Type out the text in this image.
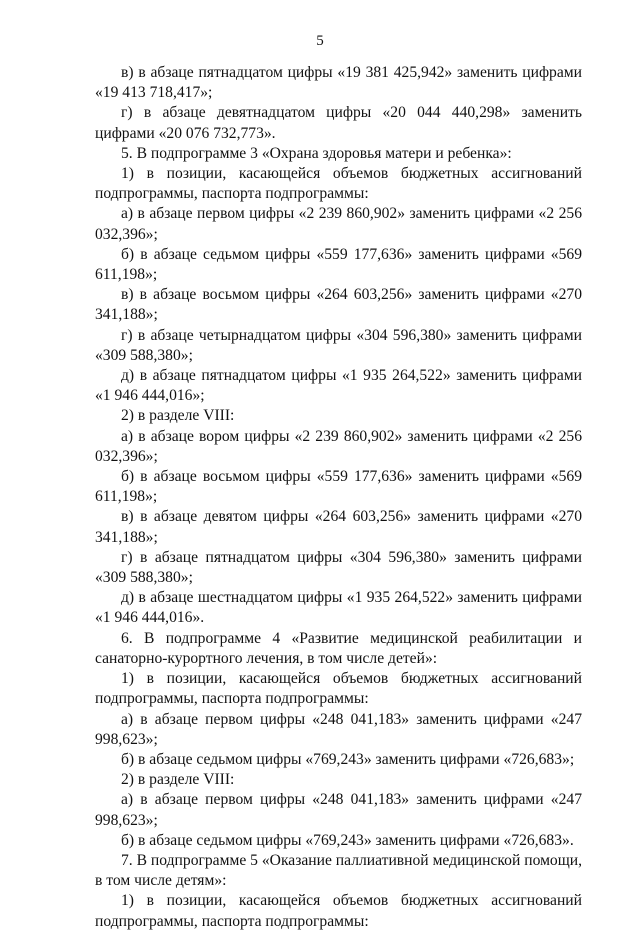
5

в) в абзаце пятнадцатом цифры «19 381 425,942» заменить цифрами «19 413 718,417»;

г) в абзаце девятнадцатом цифры «20 044 440,298» заменить цифрами «20 076 732,773».

5. В подпрограмме 3 «Охрана здоровья матери и ребенка»:

1) в позиции, касающейся объемов бюджетных ассигнований подпрограммы, паспорта подпрограммы:

а) в абзаце первом цифры «2 239 860,902» заменить цифрами «2 256 032,396»;

б) в абзаце седьмом цифры «559 177,636» заменить цифрами «569 611,198»;

в) в абзаце восьмом цифры «264 603,256» заменить цифрами «270 341,188»;

г) в абзаце четырнадцатом цифры «304 596,380» заменить цифрами «309 588,380»;

д) в абзаце пятнадцатом цифры «1 935 264,522» заменить цифрами «1 946 444,016»;

2) в разделе VIII:

а) в абзаце вором цифры «2 239 860,902» заменить цифрами «2 256 032,396»;

б) в абзаце восьмом цифры «559 177,636» заменить цифрами «569 611,198»;

в) в абзаце девятом цифры «264 603,256» заменить цифрами «270 341,188»;

г) в абзаце пятнадцатом цифры «304 596,380» заменить цифрами «309 588,380»;

д) в абзаце шестнадцатом цифры «1 935 264,522» заменить цифрами «1 946 444,016».

6. В подпрограмме 4 «Развитие медицинской реабилитации и санаторно-курортного лечения, в том числе детей»:

1) в позиции, касающейся объемов бюджетных ассигнований подпрограммы, паспорта подпрограммы:

а) в абзаце первом цифры «248 041,183» заменить цифрами «247 998,623»;

б) в абзаце седьмом цифры «769,243» заменить цифрами «726,683»;

2) в разделе VIII:

а) в абзаце первом цифры «248 041,183» заменить цифрами «247 998,623»;

б) в абзаце седьмом цифры «769,243» заменить цифрами «726,683».

7. В подпрограмме 5 «Оказание паллиативной медицинской помощи, в том числе детям»:

1) в позиции, касающейся объемов бюджетных ассигнований подпрограммы, паспорта подпрограммы:
